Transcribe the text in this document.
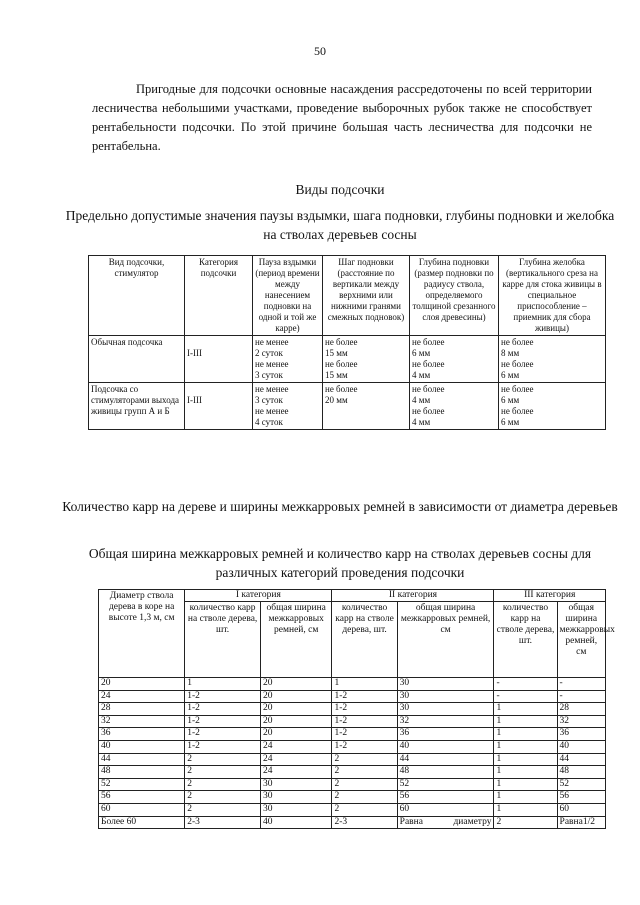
50

Пригодные для подсочки основные насаждения рассредоточены по всей территории лесничества небольшими участками, проведение выборочных рубок также не способствует рентабельности подсочки. По этой причине большая часть лесничества для подсочки не рентабельна.

Виды подсочки
Предельно допустимые значения паузы вздымки, шага подновки, глубины подновки и желобка на стволах деревьев сосны
Вид подсочки, стимулятор	Категория подсочки	Пауза вздымки (период времени между нанесением подновки на одной и той же карре)	Шаг подновки (расстояние по вертикали между верхними или нижними гранями смежных подновок)	Глубина подновки (размер подновки по радиусу ствола, определяемого толщиной срезанного слоя древесины)	Глубина желобка (вертикального среза на карре для стока живицы в специальное приспособление – приемник для сбора живицы)
Обычная подсочка	I-III	не менее
2 суток
не менее
3 суток	не более
15 мм
не более
15 мм	не более
6 мм
не более
4 мм	не более
8 мм
не более
6 мм

Подсочка со стимуляторами выхода живицы групп А и Б	I-III	не менее
3 суток
не менее
4 суток	не более
20 мм	не более
4 мм
не более
4 мм	не более
6 мм
не более
6 мм
Количество карр на дереве и ширины межкарровых ремней в зависимости от диаметра деревьев
Общая ширина межкарровых ремней и количество карр на стволах деревьев сосны для различных категорий проведения подсочки
Диаметр ствола дерева в коре на высоте 1,3 м, см	I категория		II категория		III категория	
	количество карр на стволе дерева, шт.	общая ширина межкарровых ремней, см	количество карр на стволе дерева, шт.	общая ширина межкарровых ремней, см	количество карр на стволе дерева, шт.	общая ширина межкарровых ремней, см
20	1	20	1	30	-	-
24	1-2	20	1-2	30	-	-
28	1-2	20	1-2	30	1	28
32	1-2	20	1-2	32	1	32
36	1-2	20	1-2	36	1	36
40	1-2	24	1-2	40	1	40
44	2	24	2	44	1	44
48	2	24	2	48	1	48
52	2	30	2	52	1	52
56	2	30	2	56	1	56
60	2	30	2	60	1	60
Более 60	2-3	40	2-3	Равна диаметру	2	Равна1/2
